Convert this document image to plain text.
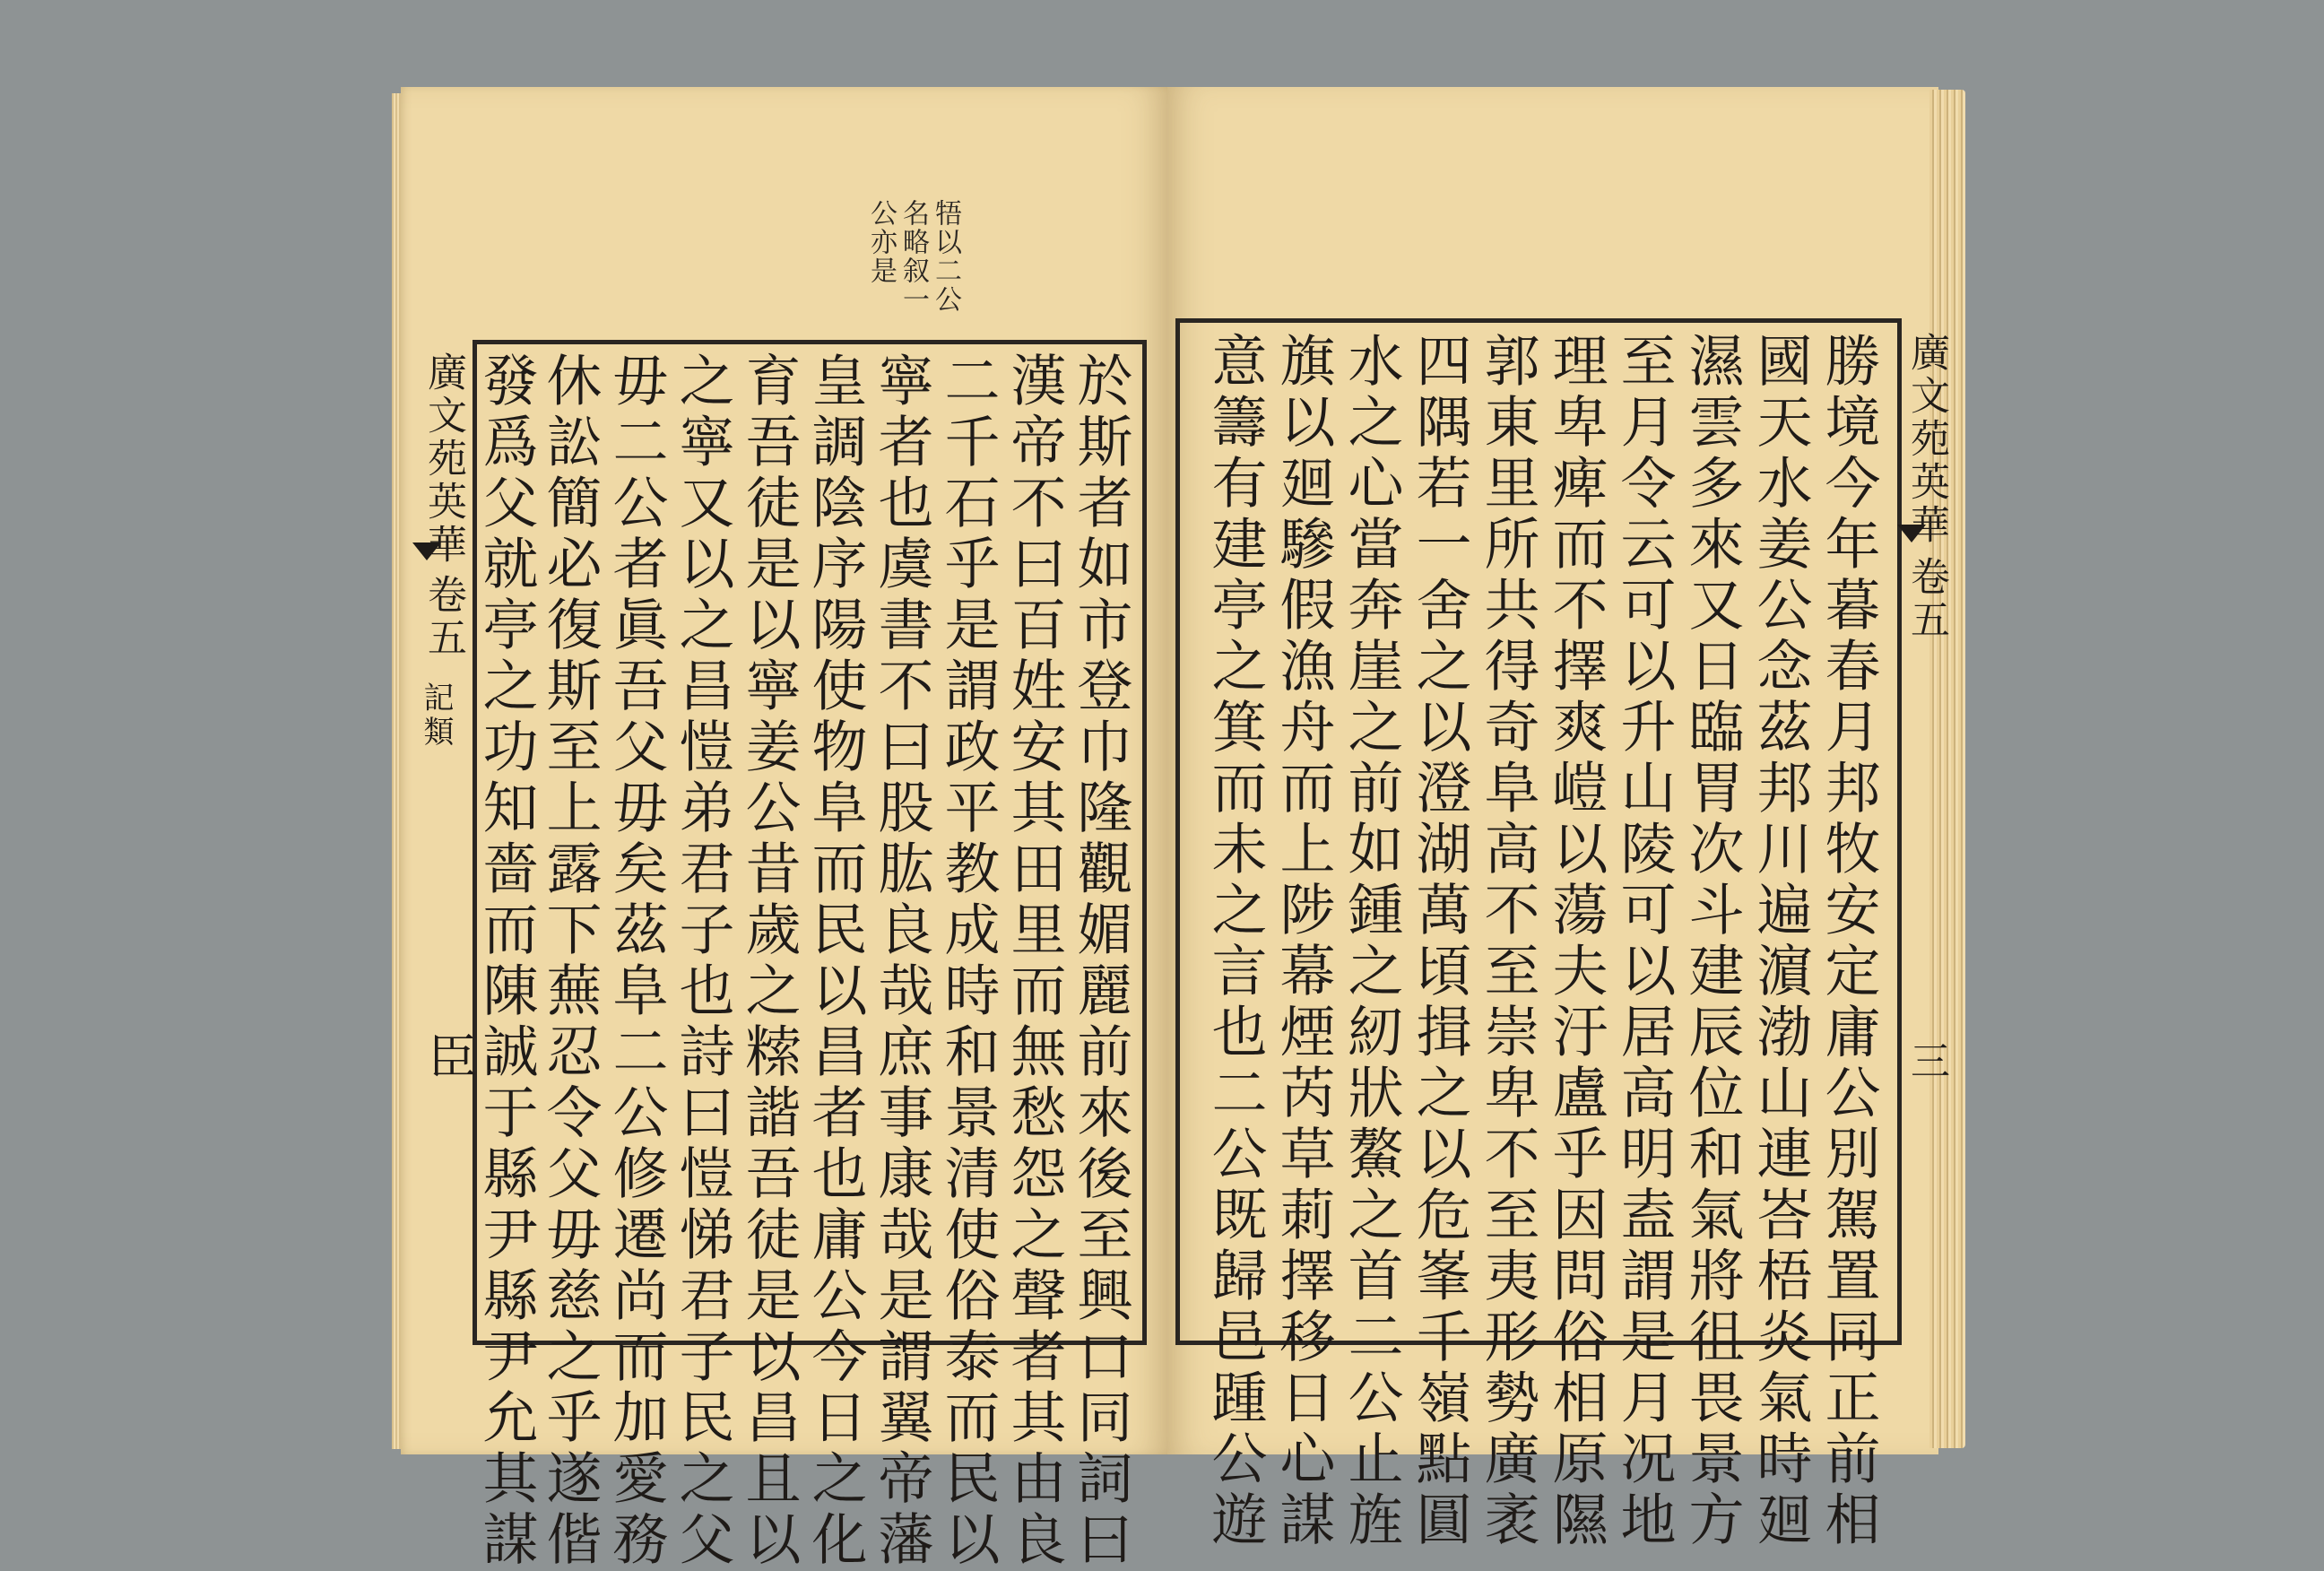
牾以二公
名略叙一
公亦是
於斯者如市登巾隆觀媚麗前來後至興口同詞曰
漢帝不曰百姓安其田里而無愁怨之聲者其由良
二千石乎是謂政平教成時和景清使俗泰而民以
寧者也虞書不曰股肱良哉庶事康哉是謂翼帝藩
皇調陰序陽使物阜而民以昌者也庸公今日之化
育吾徒是以寧姜公昔歲之𥻨諧吾徒是以昌且以
之寧又以之昌愷弟君子也詩曰愷悌君子民之父
毋二公者眞吾父毋矣茲阜二公修遷尚而加愛務
休訟簡必復斯至上露下蕪忍令父毋慈之乎遂偕
發爲父就亭之功知嗇而陳誠于縣尹縣尹允其謀
廣文苑英華
卷五
記類
臣	勝境今年暮春月邦牧安定庸公別駕置同正前相
國天水姜公念茲邦川遍濵渤山連峇梧炎氣時廻
濕雲多來又日臨胃次斗建辰位和氣將徂畏景方
至月令云可以升山陵可以居高明盍謂是月况地
理卑痺而不擇爽嵦以蕩夫汙盧乎因問俗相原隰
郭東里所共得奇阜高不至崇卑不至夷形勢廣袤
四隅若一舍之以澄湖萬頃揖之以危峯千嶺點圓
水之心當奔崖之前如鍾之紉狀鰲之首二公止旌
旗以廻驂假漁舟而上陟幕煙芮草莿擇移日心謀
意籌有建亭之箕而未之言也二公既歸邑踵公遊	廣文苑英華
卷五
三
